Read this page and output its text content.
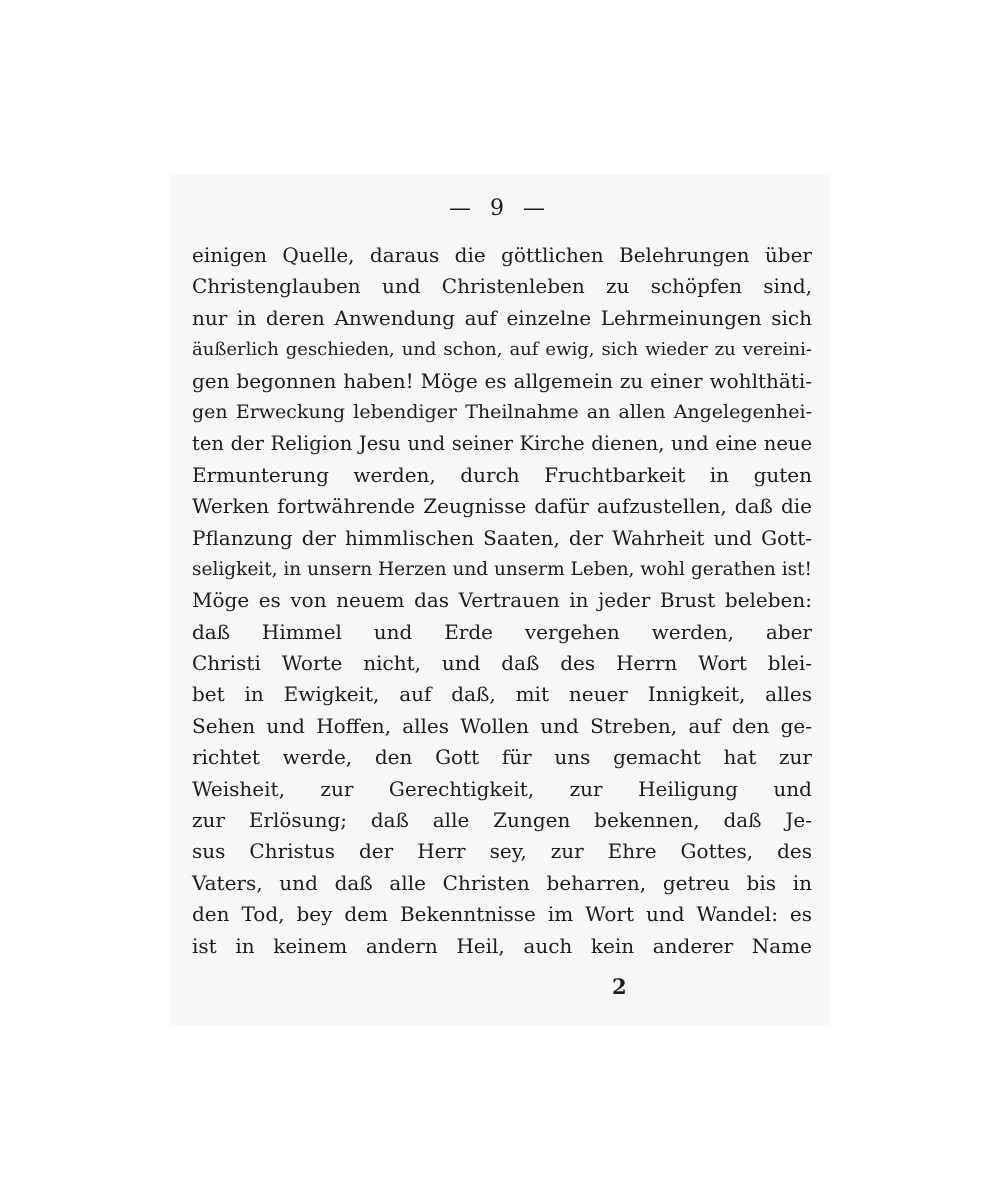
— 9 —
einigen Quelle, daraus die göttlichen Belehrungen über
Christenglauben und Christenleben zu schöpfen sind,
nur in deren Anwendung auf einzelne Lehrmeinungen sich
äußerlich geschieden, und schon, auf ewig, sich wieder zu vereini-
gen begonnen haben! Möge es allgemein zu einer wohlthäti-
gen Erweckung lebendiger Theilnahme an allen Angelegenhei-
ten der Religion Jesu und seiner Kirche dienen, und eine neue
Ermunterung werden, durch Fruchtbarkeit in guten
Werken fortwährende Zeugnisse dafür aufzustellen, daß die
Pflanzung der himmlischen Saaten, der Wahrheit und Gott-
seligkeit, in unsern Herzen und unserm Leben, wohl gerathen ist!
Möge es von neuem das Vertrauen in jeder Brust beleben:
daß Himmel und Erde vergehen werden, aber
Christi Worte nicht, und daß des Herrn Wort blei-
bet in Ewigkeit, auf daß, mit neuer Innigkeit, alles
Sehen und Hoffen, alles Wollen und Streben, auf den ge-
richtet werde, den Gott für uns gemacht hat zur
Weisheit, zur Gerechtigkeit, zur Heiligung und
zur Erlösung; daß alle Zungen bekennen, daß Je-
sus Christus der Herr sey, zur Ehre Gottes, des
Vaters, und daß alle Christen beharren, getreu bis in
den Tod, bey dem Bekenntnisse im Wort und Wandel: es
ist in keinem andern Heil, auch kein anderer Name
2
